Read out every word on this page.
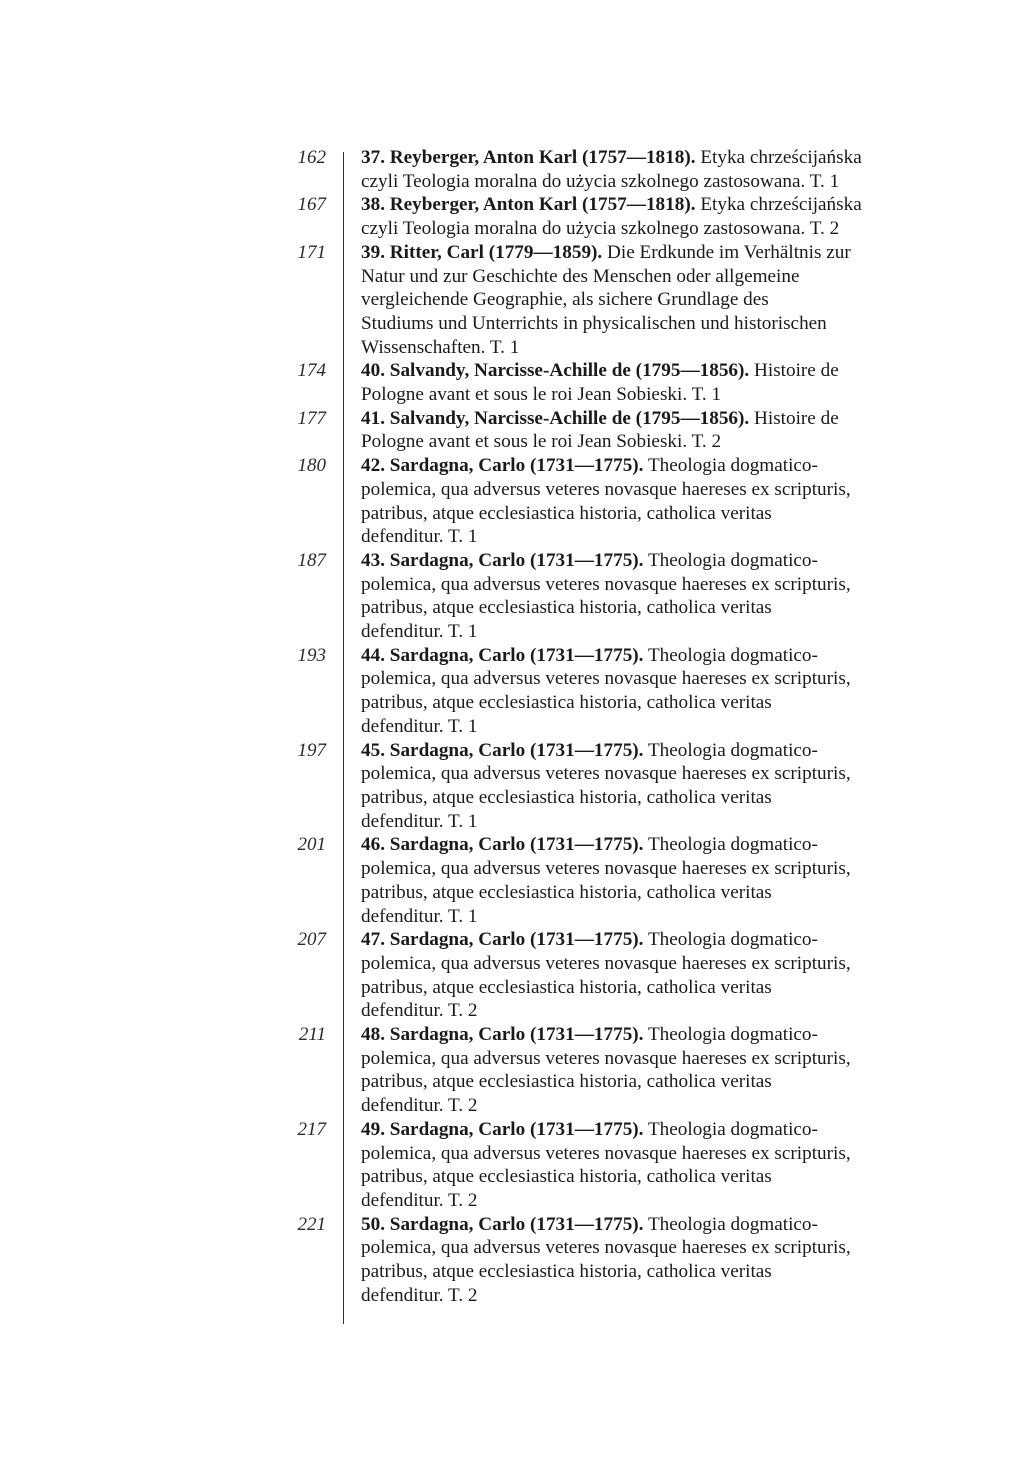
162 37. Reyberger, Anton Karl (1757—1818). Etyka chrześcijańska
czyli Teologia moralna do użycia szkolnego zastosowana. T. 1
167 38. Reyberger, Anton Karl (1757—1818). Etyka chrześcijańska
czyli Teologia moralna do użycia szkolnego zastosowana. T. 2
171 39. Ritter, Carl (1779—1859). Die Erdkunde im Verhältnis zur
Natur und zur Geschichte des Menschen oder allgemeine
vergleichende Geographie, als sichere Grundlage des
Studiums und Unterrichts in physicalischen und historischen
Wissenschaften. T. 1
174 40. Salvandy, Narcisse-Achille de (1795—1856). Histoire de
Pologne avant et sous le roi Jean Sobieski. T. 1
177 41. Salvandy, Narcisse-Achille de (1795—1856). Histoire de
Pologne avant et sous le roi Jean Sobieski. T. 2
180 42. Sardagna, Carlo (1731—1775). Theologia dogmatico-
polemica, qua adversus veteres novasque haereses ex scripturis,
patribus, atque ecclesiastica historia, catholica veritas
defenditur. T. 1
187 43. Sardagna, Carlo (1731—1775). Theologia dogmatico-
polemica, qua adversus veteres novasque haereses ex scripturis,
patribus, atque ecclesiastica historia, catholica veritas
defenditur. T. 1
193 44. Sardagna, Carlo (1731—1775). Theologia dogmatico-
polemica, qua adversus veteres novasque haereses ex scripturis,
patribus, atque ecclesiastica historia, catholica veritas
defenditur. T. 1
197 45. Sardagna, Carlo (1731—1775). Theologia dogmatico-
polemica, qua adversus veteres novasque haereses ex scripturis,
patribus, atque ecclesiastica historia, catholica veritas
defenditur. T. 1
201 46. Sardagna, Carlo (1731—1775). Theologia dogmatico-
polemica, qua adversus veteres novasque haereses ex scripturis,
patribus, atque ecclesiastica historia, catholica veritas
defenditur. T. 1
207 47. Sardagna, Carlo (1731—1775). Theologia dogmatico-
polemica, qua adversus veteres novasque haereses ex scripturis,
patribus, atque ecclesiastica historia, catholica veritas
defenditur. T. 2
211 48. Sardagna, Carlo (1731—1775). Theologia dogmatico-
polemica, qua adversus veteres novasque haereses ex scripturis,
patribus, atque ecclesiastica historia, catholica veritas
defenditur. T. 2
217 49. Sardagna, Carlo (1731—1775). Theologia dogmatico-
polemica, qua adversus veteres novasque haereses ex scripturis,
patribus, atque ecclesiastica historia, catholica veritas
defenditur. T. 2
221 50. Sardagna, Carlo (1731—1775). Theologia dogmatico-
polemica, qua adversus veteres novasque haereses ex scripturis,
patribus, atque ecclesiastica historia, catholica veritas
defenditur. T. 2
